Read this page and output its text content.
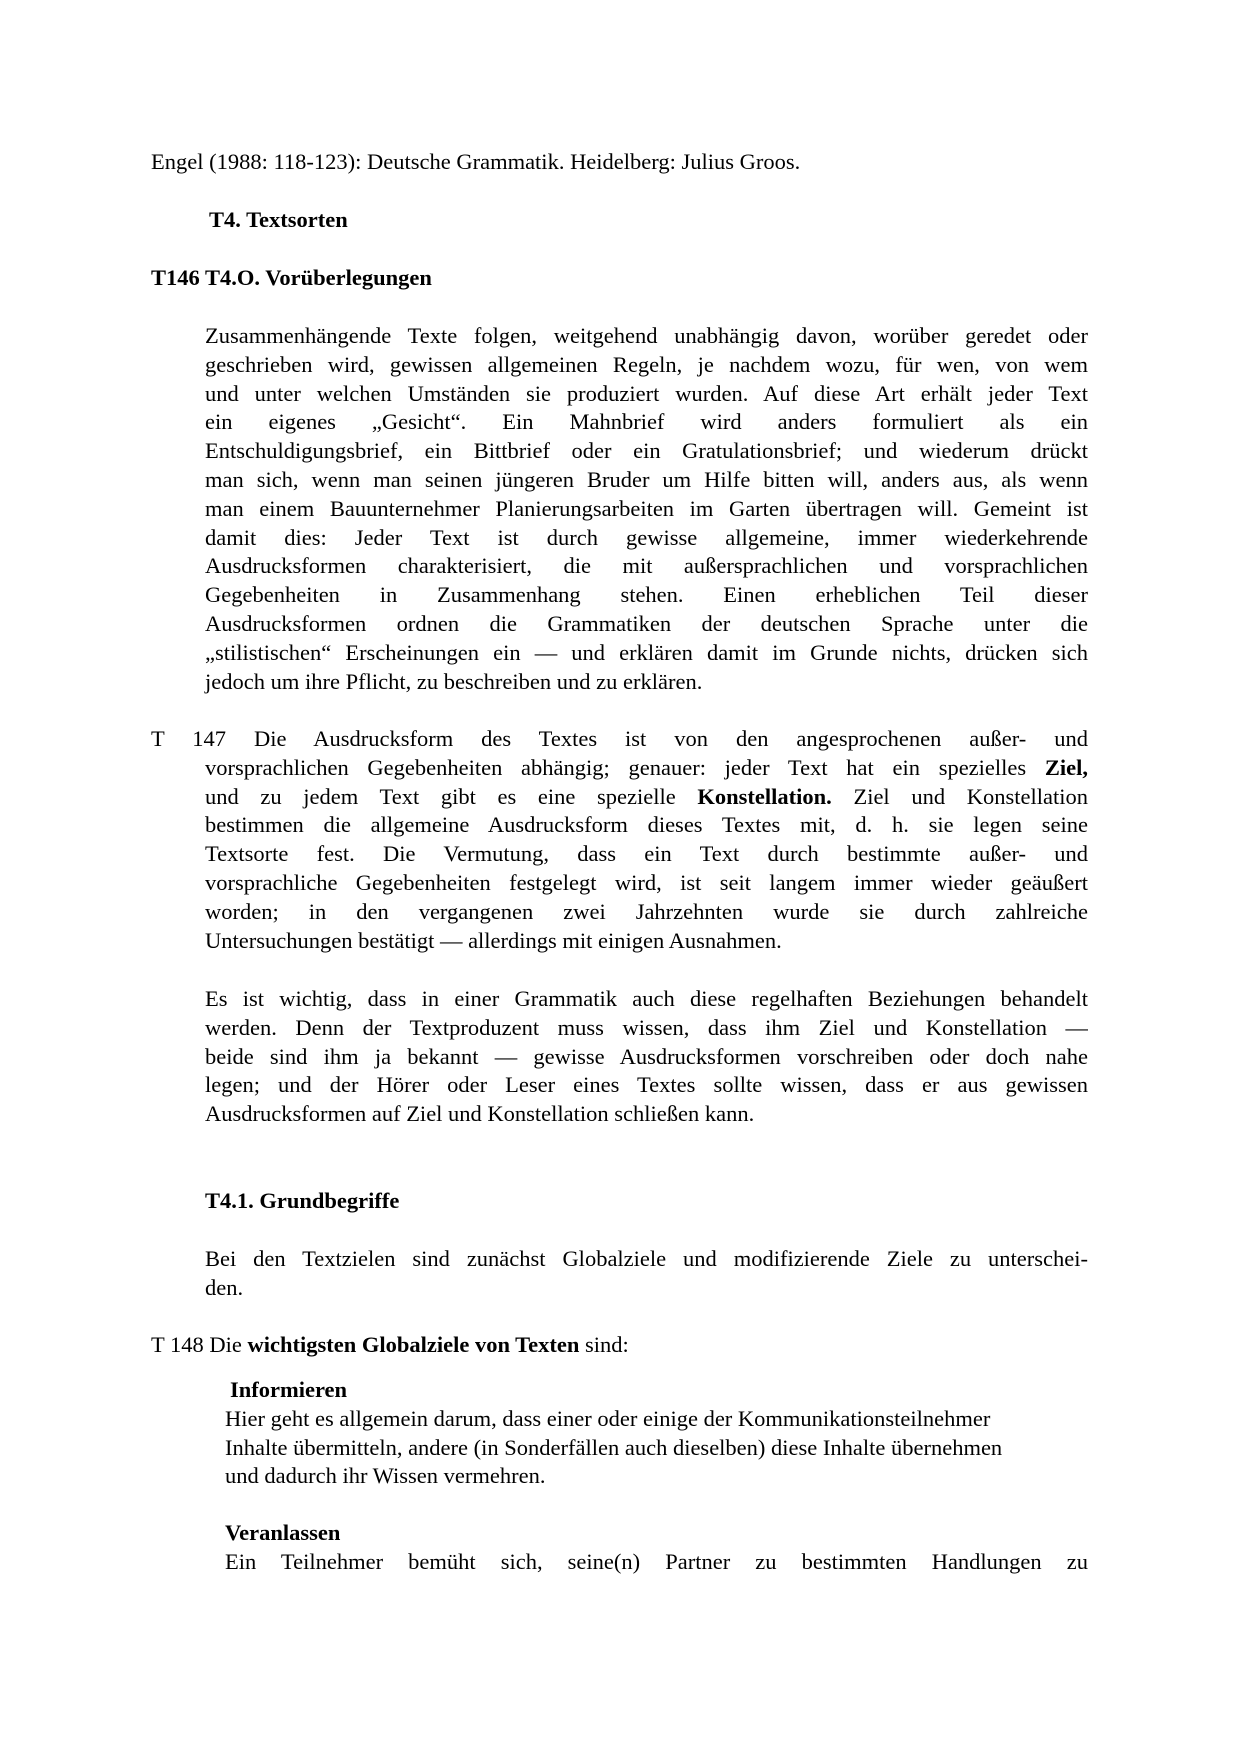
Engel (1988: 118-123): Deutsche Grammatik. Heidelberg: Julius Groos.
T4. Textsorten
T146 T4.O. Vorüberlegungen
Zusammenhängende Texte folgen, weitgehend unabhängig davon, worüber geredet oder
geschrieben wird, gewissen allgemeinen Regeln, je nachdem wozu, für wen, von wem
und unter welchen Umständen sie produziert wurden. Auf diese Art erhält jeder Text
ein eigenes „Gesicht“. Ein Mahnbrief wird anders formuliert als ein
Entschuldigungsbrief, ein Bittbrief oder ein Gratulationsbrief; und wiederum drückt
man sich, wenn man seinen jüngeren Bruder um Hilfe bitten will, anders aus, als wenn
man einem Bauunternehmer Planierungsarbeiten im Garten übertragen will. Gemeint ist
damit dies: Jeder Text ist durch gewisse allgemeine, immer wiederkehrende
Ausdrucksformen charakterisiert, die mit außersprachlichen und vorsprachlichen
Gegebenheiten in Zusammenhang stehen. Einen erheblichen Teil dieser
Ausdrucksformen ordnen die Grammatiken der deutschen Sprache unter die
„stilistischen“ Erscheinungen ein — und erklären damit im Grunde nichts, drücken sich
jedoch um ihre Pflicht, zu beschreiben und zu erklären.
T 147 Die Ausdrucksform des Textes ist von den angesprochenen außer- und
vorsprachlichen Gegebenheiten abhängig; genauer: jeder Text hat ein spezielles Ziel,
und zu jedem Text gibt es eine spezielle Konstellation. Ziel und Konstellation
bestimmen die allgemeine Ausdrucksform dieses Textes mit, d. h. sie legen seine
Textsorte fest. Die Vermutung, dass ein Text durch bestimmte außer- und
vorsprachliche Gegebenheiten festgelegt wird, ist seit langem immer wieder geäußert
worden; in den vergangenen zwei Jahrzehnten wurde sie durch zahlreiche
Untersuchungen bestätigt — allerdings mit einigen Ausnahmen.
Es ist wichtig, dass in einer Grammatik auch diese regelhaften Beziehungen behandelt
werden. Denn der Textproduzent muss wissen, dass ihm Ziel und Konstellation —
beide sind ihm ja bekannt — gewisse Ausdrucksformen vorschreiben oder doch nahe
legen; und der Hörer oder Leser eines Textes sollte wissen, dass er aus gewissen
Ausdrucksformen auf Ziel und Konstellation schließen kann.
T4.1. Grundbegriffe
Bei den Textzielen sind zunächst Globalziele und modifizierende Ziele zu unterschei-
den.
T 148 Die wichtigsten Globalziele von Texten sind:
Informieren
Hier geht es allgemein darum, dass einer oder einige der Kommunikationsteilnehmer
Inhalte übermitteln, andere (in Sonderfällen auch dieselben) diese Inhalte übernehmen
und dadurch ihr Wissen vermehren.
Veranlassen
Ein Teilnehmer bemüht sich, seine(n) Partner zu bestimmten Handlungen zu
